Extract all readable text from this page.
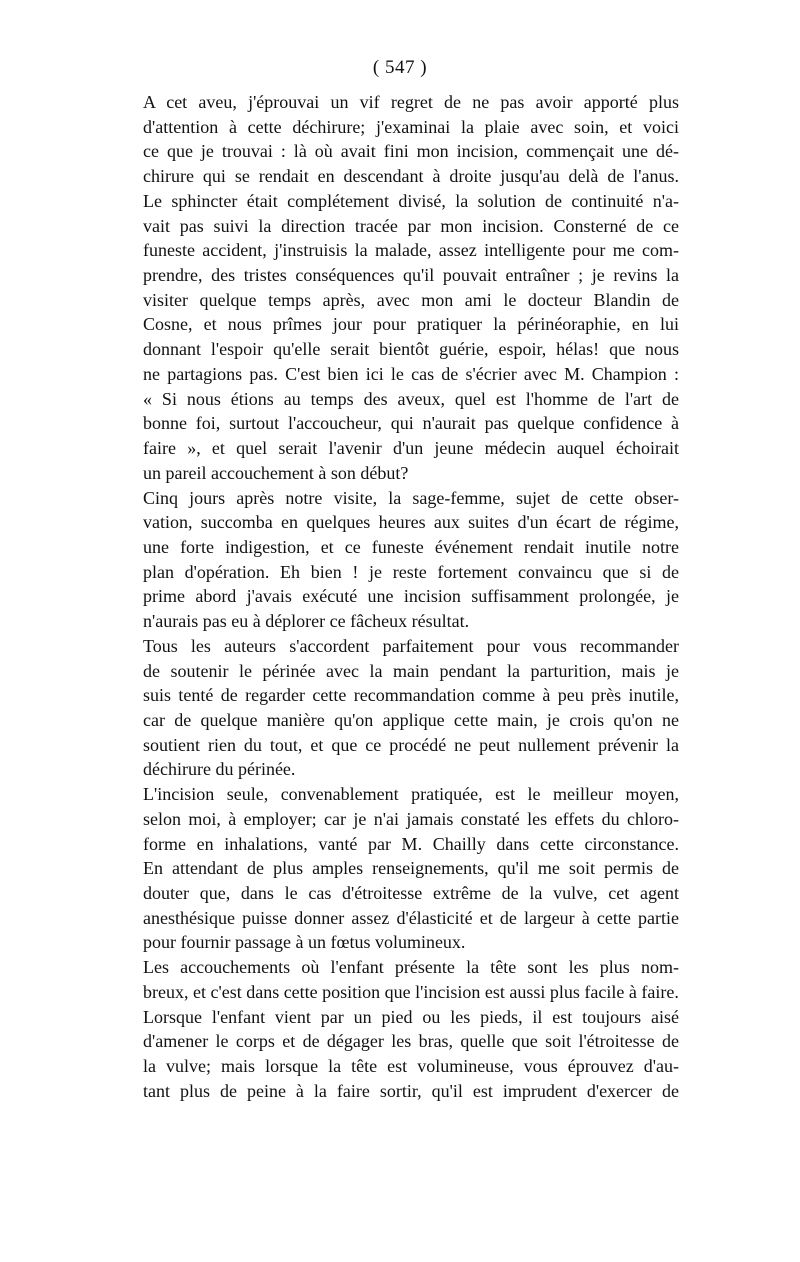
( 547 )

A cet aveu, j'éprouvai un vif regret de ne pas avoir apporté plus
d'attention à cette déchirure; j'examinai la plaie avec soin, et voici
ce que je trouvai : là où avait fini mon incision, commençait une dé-
chirure qui se rendait en descendant à droite jusqu'au delà de l'anus.
Le sphincter était complétement divisé, la solution de continuité n'a-
vait pas suivi la direction tracée par mon incision. Consterné de ce
funeste accident, j'instruisis la malade, assez intelligente pour me com-
prendre, des tristes conséquences qu'il pouvait entraîner ; je revins la
visiter quelque temps après, avec mon ami le docteur Blandin de
Cosne, et nous prîmes jour pour pratiquer la périnéoraphie, en lui
donnant l'espoir qu'elle serait bientôt guérie, espoir, hélas! que nous
ne partagions pas. C'est bien ici le cas de s'écrier avec M. Champion :
« Si nous étions au temps des aveux, quel est l'homme de l'art de
bonne foi, surtout l'accoucheur, qui n'aurait pas quelque confidence à
faire », et quel serait l'avenir d'un jeune médecin auquel échoirait
un pareil accouchement à son début?

Cinq jours après notre visite, la sage-femme, sujet de cette obser-
vation, succomba en quelques heures aux suites d'un écart de régime,
une forte indigestion, et ce funeste événement rendait inutile notre
plan d'opération. Eh bien ! je reste fortement convaincu que si de
prime abord j'avais exécuté une incision suffisamment prolongée, je
n'aurais pas eu à déplorer ce fâcheux résultat.

Tous les auteurs s'accordent parfaitement pour vous recommander
de soutenir le périnée avec la main pendant la parturition, mais je
suis tenté de regarder cette recommandation comme à peu près inutile,
car de quelque manière qu'on applique cette main, je crois qu'on ne
soutient rien du tout, et que ce procédé ne peut nullement prévenir la
déchirure du périnée.

L'incision seule, convenablement pratiquée, est le meilleur moyen,
selon moi, à employer; car je n'ai jamais constaté les effets du chloro-
forme en inhalations, vanté par M. Chailly dans cette circonstance.
En attendant de plus amples renseignements, qu'il me soit permis de
douter que, dans le cas d'étroitesse extrême de la vulve, cet agent
anesthésique puisse donner assez d'élasticité et de largeur à cette partie
pour fournir passage à un fœtus volumineux.

Les accouchements où l'enfant présente la tête sont les plus nom-
breux, et c'est dans cette position que l'incision est aussi plus facile à faire.

Lorsque l'enfant vient par un pied ou les pieds, il est toujours aisé
d'amener le corps et de dégager les bras, quelle que soit l'étroitesse de
la vulve; mais lorsque la tête est volumineuse, vous éprouvez d'au-
tant plus de peine à la faire sortir, qu'il est imprudent d'exercer de
